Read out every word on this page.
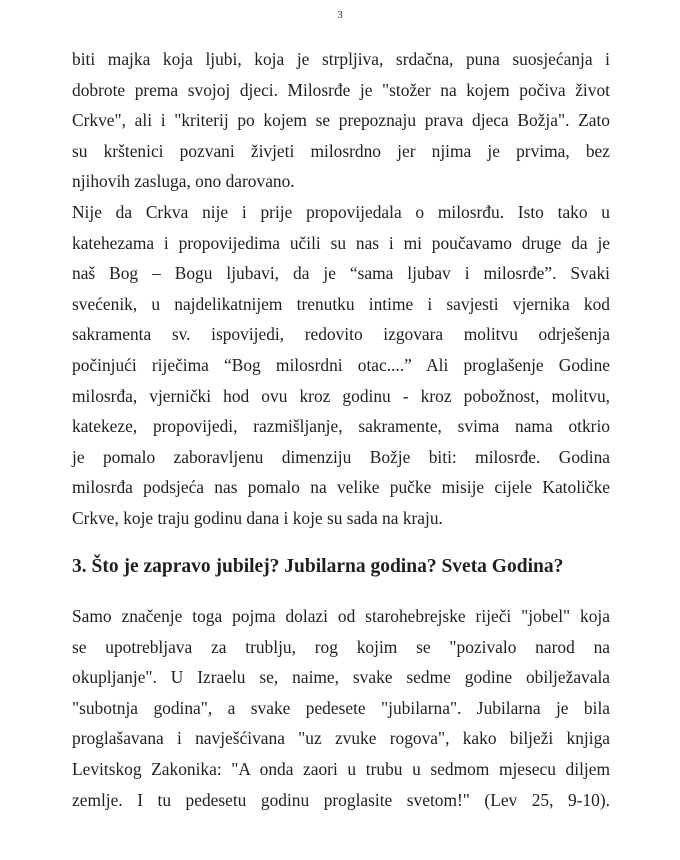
3
biti majka koja ljubi, koja je strpljiva, srdačna, puna suosjećanja i
dobrote prema svojoj djeci. Milosrđe je "stožer na kojem počiva život
Crkve", ali i "kriterij po kojem se prepoznaju prava djeca Božja". Zato
su krštenici pozvani živjeti milosrdno jer njima je prvima, bez
njihovih zasluga, ono darovano.
Nije da Crkva nije i prije propovijedala o milosrđu. Isto tako u
katehezama i propovijedima učili su nas i mi poučavamo druge da je
naš Bog – Bogu ljubavi, da je “sama ljubav i milosrđe”. Svaki
svećenik, u najdelikatnijem trenutku intime i savjesti vjernika kod
sakramenta sv. ispovijedi, redovito izgovara molitvu odrješenja
počinjući riječima “Bog milosrdni otac....” Ali proglašenje Godine
milosrđa, vjernički hod ovu kroz godinu - kroz pobožnost, molitvu,
katekeze, propovijedi, razmišljanje, sakramente, svima nama otkrio
je pomalo zaboravljenu dimenziju Božje biti: milosrđe. Godina
milosrđa podsjeća nas pomalo na velike pučke misije cijele Katoličke
Crkve, koje traju godinu dana i koje su sada na kraju.
3. Što je zapravo jubilej? Jubilarna godina? Sveta Godina?
Samo značenje toga pojma dolazi od starohebrejske riječi "jobel" koja
se upotrebljava za trublju, rog kojim se "pozivalo narod na
okupljanje". U Izraelu se, naime, svake sedme godine obilježavala
"subotnja godina", a svake pedesete "jubilarna". Jubilarna je bila
proglašavana i navješćivana "uz zvuke rogova", kako bilježi knjiga
Levitskog Zakonika: "A onda zaori u trubu u sedmom mjesecu diljem
zemlje. I tu pedesetu godinu proglasite svetom!" (Lev 25, 9-10).
